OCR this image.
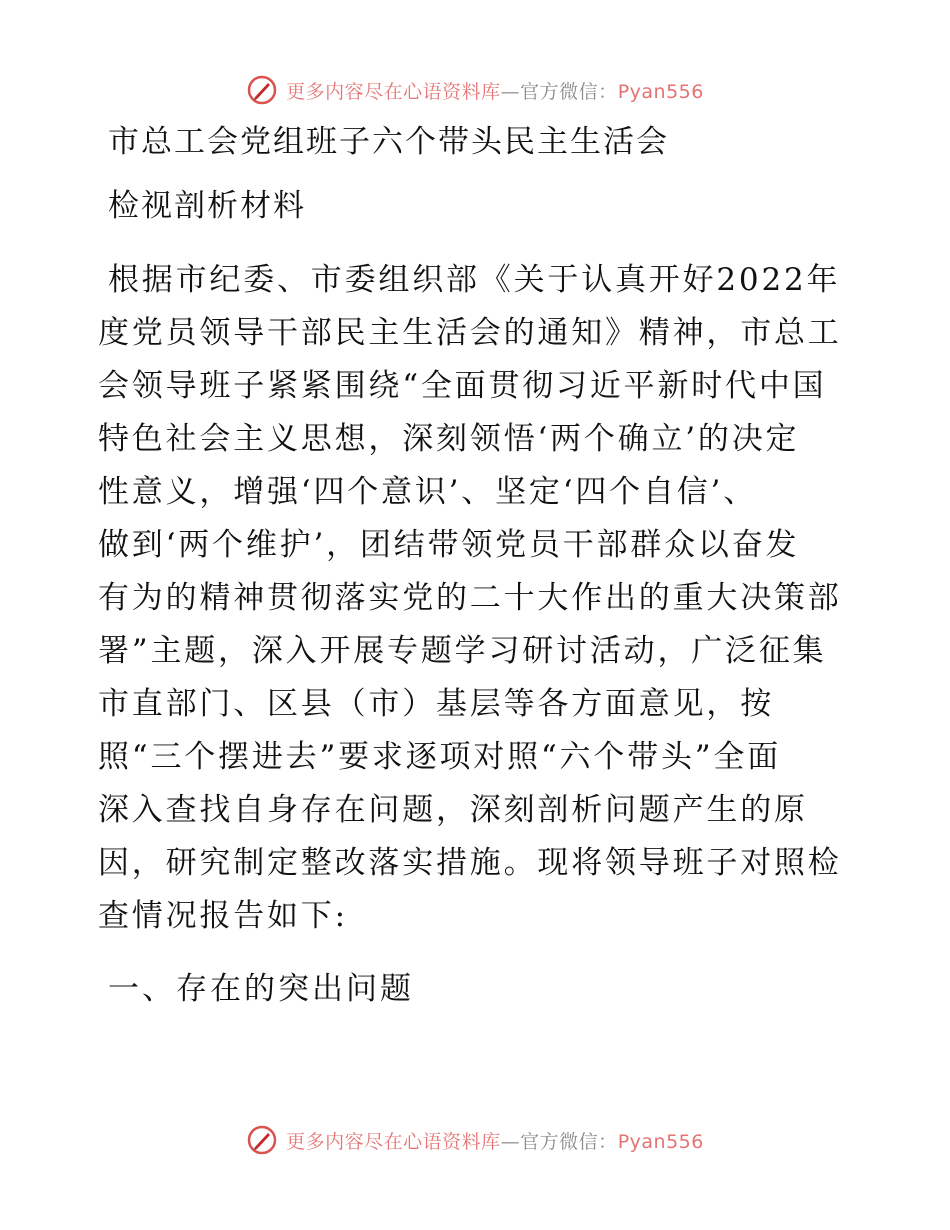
更多内容尽在心语资料库—官方微信：Pyan556
市总工会党组班子六个带头民主生活会
检视剖析材料
根据市纪委、市委组织部《关于认真开好2022年
度党员领导干部民主生活会的通知》精神，市总工
会领导班子紧紧围绕“全面贯彻习近平新时代中国
特色社会主义思想，深刻领悟‘两个确立’的决定
性意义，增强‘四个意识’、坚定‘四个自信’、
做到‘两个维护’，团结带领党员干部群众以奋发
有为的精神贯彻落实党的二十大作出的重大决策部
署”主题，深入开展专题学习研讨活动，广泛征集
市直部门、区县（市）基层等各方面意见，按
照“三个摆进去”要求逐项对照“六个带头”全面
深入查找自身存在问题，深刻剖析问题产生的原
因，研究制定整改落实措施。现将领导班子对照检
查情况报告如下:
一、存在的突出问题
更多内容尽在心语资料库—官方微信：Pyan556
